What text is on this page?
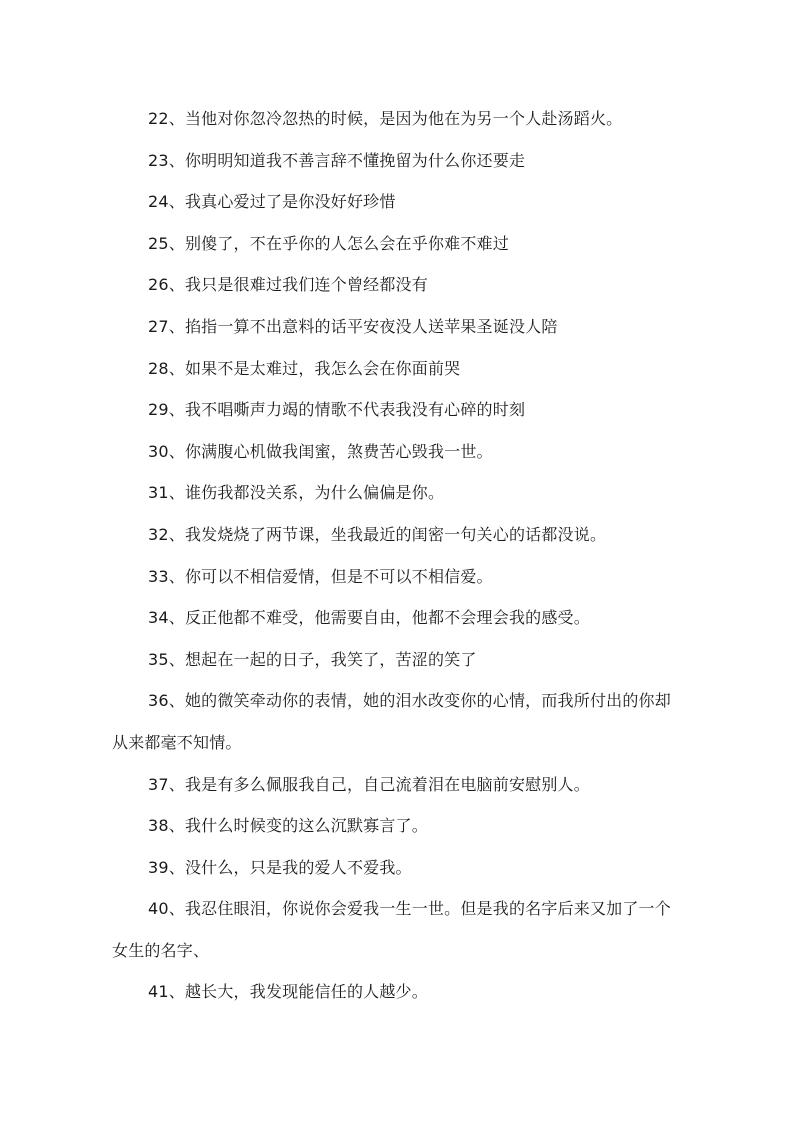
22、当他对你忽冷忽热的时候，是因为他在为另一个人赴汤蹈火。

23、你明明知道我不善言辞不懂挽留为什么你还要走

24、我真心爱过了是你没好好珍惜

25、别傻了，不在乎你的人怎么会在乎你难不难过

26、我只是很难过我们连个曾经都没有

27、掐指一算不出意料的话平安夜没人送苹果圣诞没人陪

28、如果不是太难过，我怎么会在你面前哭

29、我不唱嘶声力竭的情歌不代表我没有心碎的时刻

30、你满腹心机做我闺蜜，煞费苦心毁我一世。

31、谁伤我都没关系，为什么偏偏是你。

32、我发烧烧了两节课，坐我最近的闺密一句关心的话都没说。

33、你可以不相信爱情，但是不可以不相信爱。

34、反正他都不难受，他需要自由，他都不会理会我的感受。

35、想起在一起的日子，我笑了，苦涩的笑了

36、她的微笑牵动你的表情，她的泪水改变你的心情，而我所付出的你却从来都毫不知情。

37、我是有多么佩服我自己，自己流着泪在电脑前安慰别人。

38、我什么时候变的这么沉默寡言了。

39、没什么，只是我的爱人不爱我。

40、我忍住眼泪，你说你会爱我一生一世。但是我的名字后来又加了一个女生的名字、

41、越长大，我发现能信任的人越少。
